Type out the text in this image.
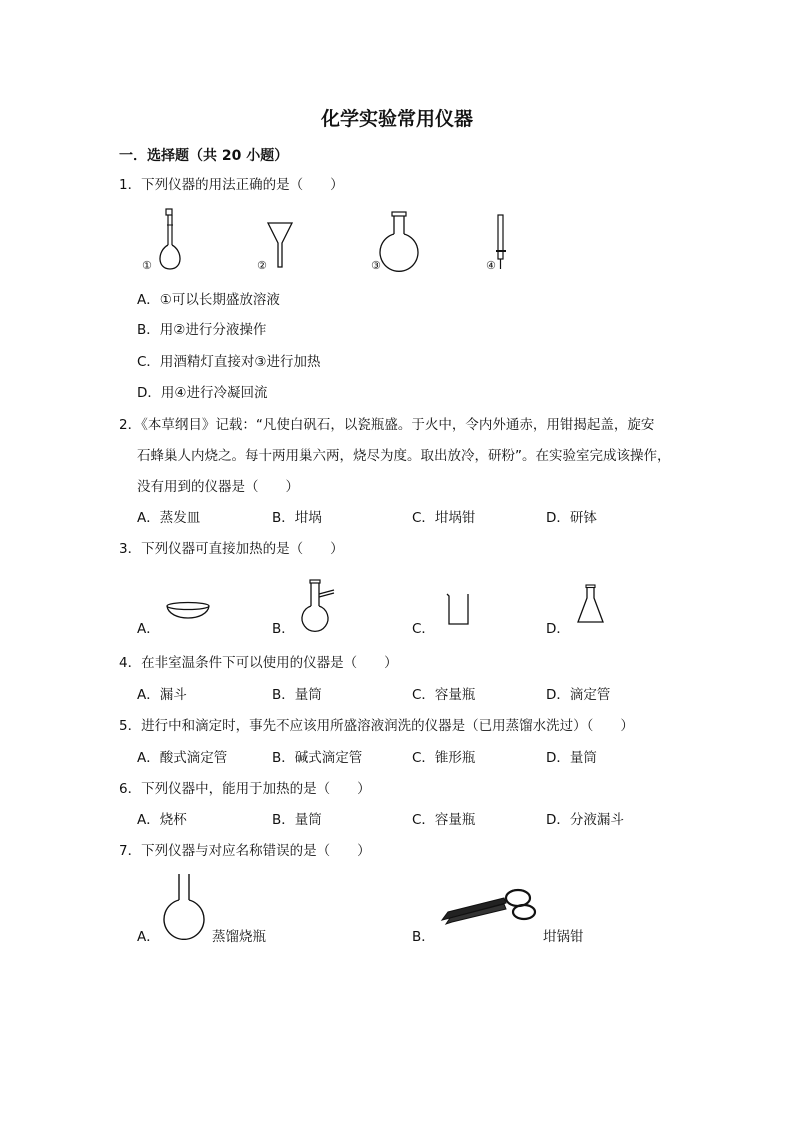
化学实验常用仪器
一．选择题（共 20 小题）
1．下列仪器的用法正确的是（　　）
①	②	③	④
A．①可以长期盛放溶液
B．用②进行分液操作
C．用酒精灯直接对③进行加热
D．用④进行冷凝回流
2．《本草纲目》记载：“凡使白矾石，以瓷瓶盛。于火中，令内外通赤，用钳揭起盖，旋安
石蜂巢人内烧之。每十两用巢六两，烧尽为度。取出放冷，研粉”。在实验室完成该操作，
没有用到的仪器是（　　）
A．蒸发皿	B．坩埚	C．坩埚钳	D．研钵
3．下列仪器可直接加热的是（　　）
A．	B．	C．	D．
4．在非室温条件下可以使用的仪器是（　　）
A．漏斗	B．量筒	C．容量瓶	D．滴定管
5．进行中和滴定时，事先不应该用所盛溶液润洗的仪器是（已用蒸馏水洗过）（　　）
A．酸式滴定管	B．碱式滴定管	C．锥形瓶	D．量筒
6．下列仪器中，能用于加热的是（　　）
A．烧杯	B．量筒	C．容量瓶	D．分液漏斗
7．下列仪器与对应名称错误的是（　　）
A．	蒸馏烧瓶	B．	坩锅钳
